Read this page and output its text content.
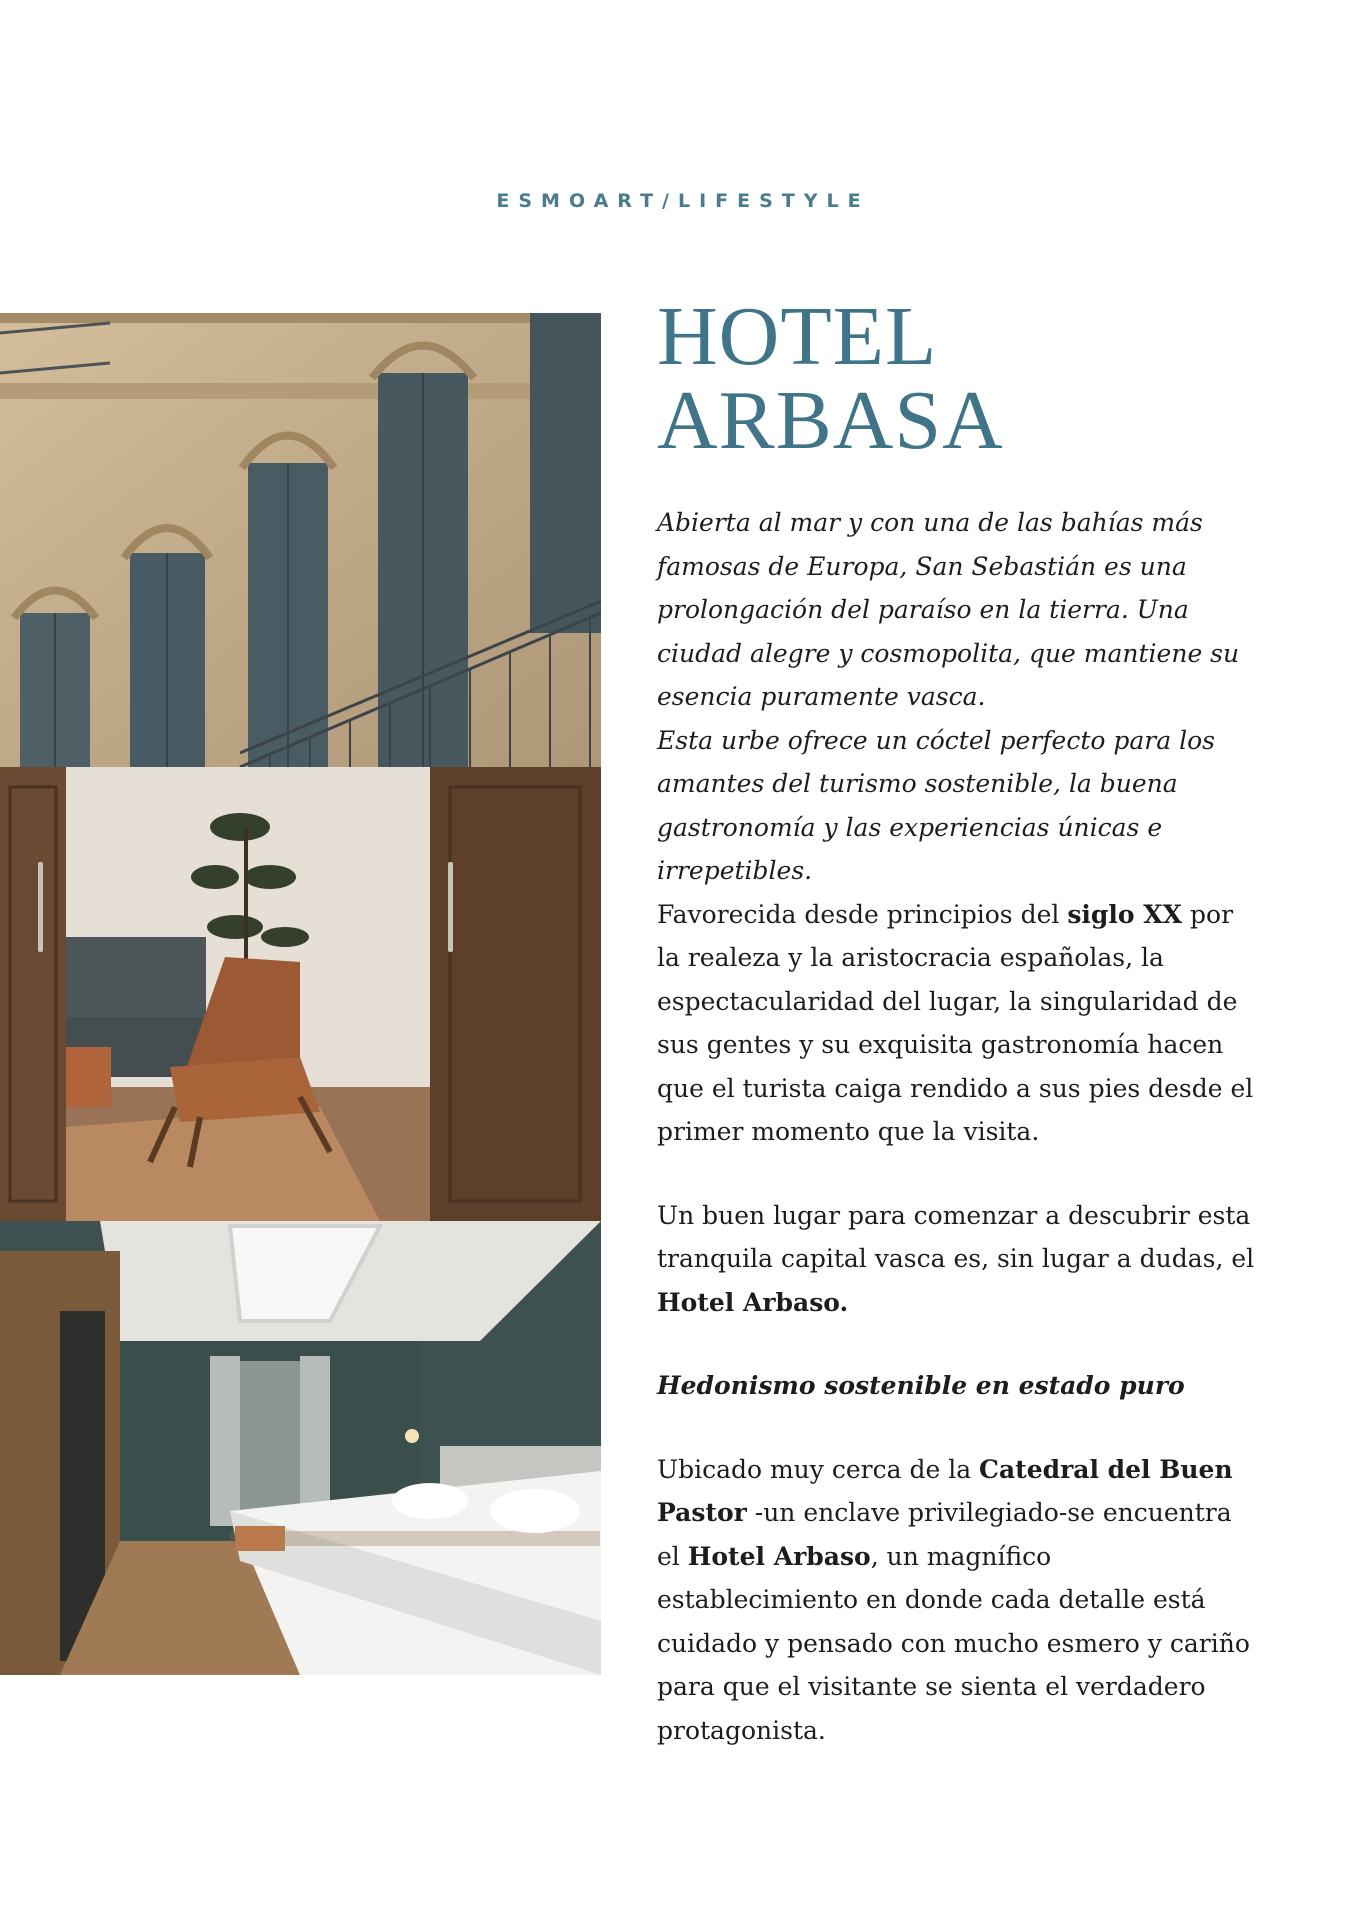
ESMOART/LIFESTYLE
HOTEL ARBASA

Abierta al mar y con una de las bahías más famosas de Europa, San Sebastián es una prolongación del paraíso en la tierra. Una ciudad alegre y cosmopolita, que mantiene su esencia puramente vasca.

Esta urbe ofrece un cóctel perfecto para los amantes del turismo sostenible, la buena gastronomía y las experiencias únicas e irrepetibles.

Favorecida desde principios del siglo XX por la realeza y la aristocracia españolas, la espectacularidad del lugar, la singularidad de sus gentes y su exquisita gastronomía hacen que el turista caiga rendido a sus pies desde el primer momento que la visita.

Un buen lugar para comenzar a descubrir esta tranquila capital vasca es, sin lugar a dudas, el Hotel Arbaso.

Hedonismo sostenible en estado puro

Ubicado muy cerca de la Catedral del Buen Pastor -un enclave privilegiado-se encuentra el Hotel Arbaso, un magnífico establecimiento en donde cada detalle está cuidado y pensado con mucho esmero y cariño para que el visitante se sienta el verdadero protagonista.
